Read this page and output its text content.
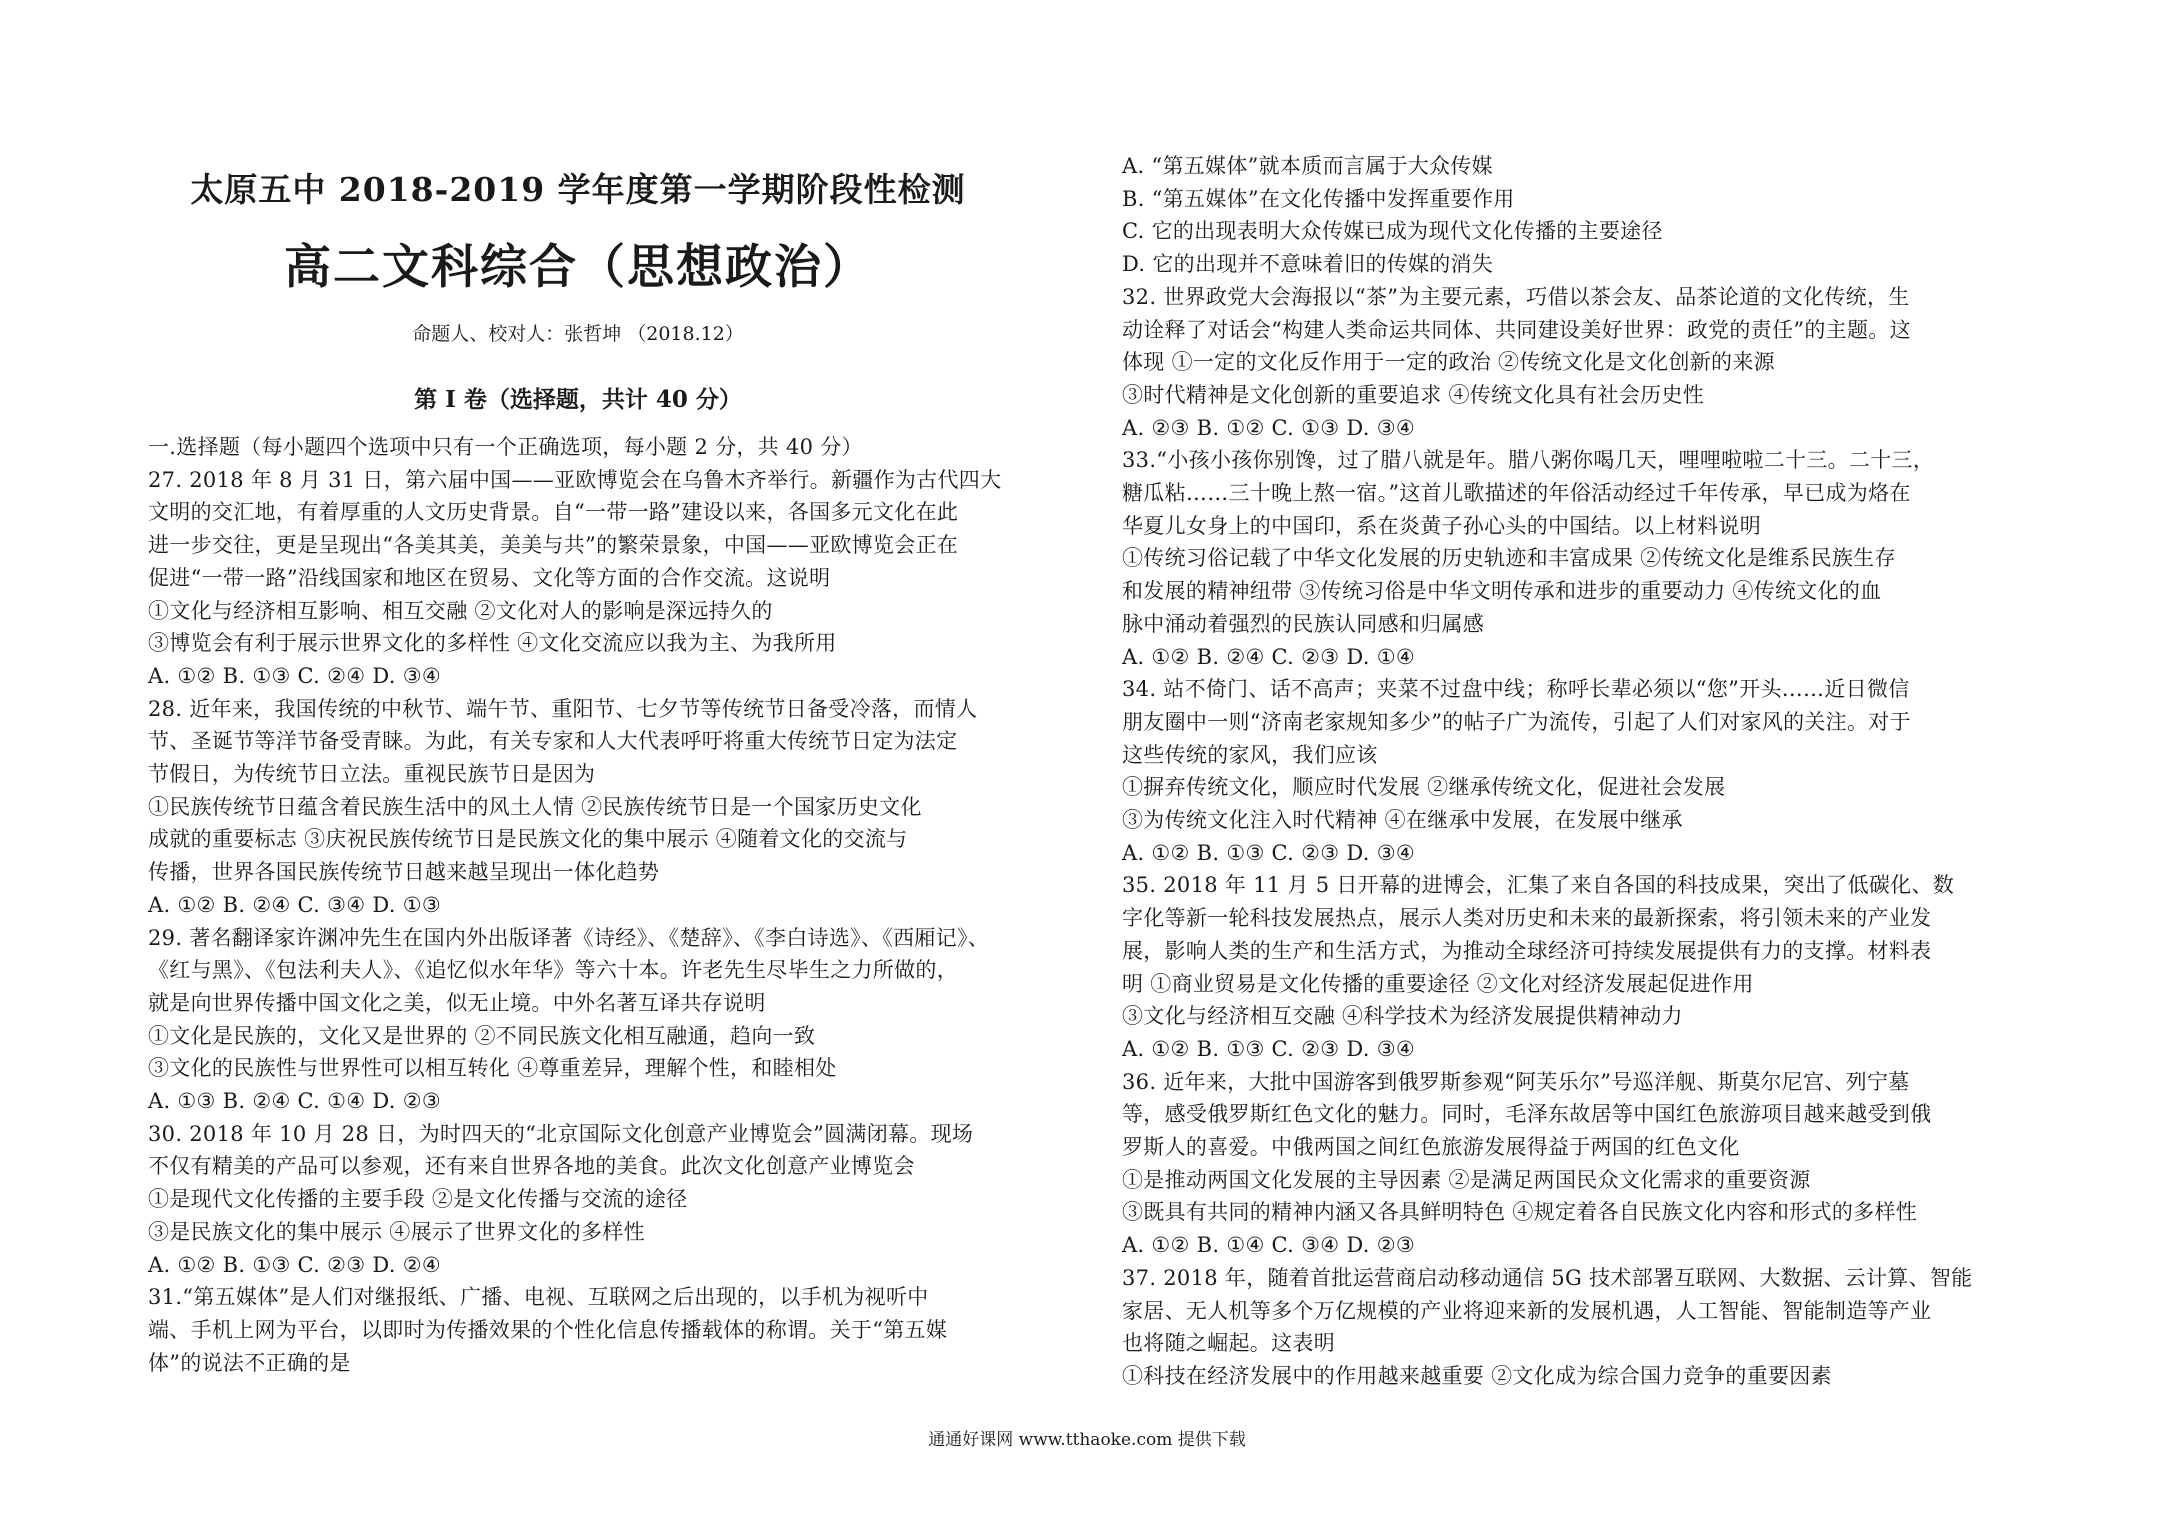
太原五中 2018-2019 学年度第一学期阶段性检测
高二文科综合（思想政治）
命题人、校对人：张哲坤 （2018.12）
第 I 卷（选择题，共计 40 分）
一.选择题（每小题四个选项中只有一个正确选项，每小题 2 分，共 40 分）
27. 2018 年 8 月 31 日，第六届中国——亚欧博览会在乌鲁木齐举行。新疆作为古代四大
文明的交汇地，有着厚重的人文历史背景。自“一带一路”建设以来，各国多元文化在此
进一步交往，更是呈现出“各美其美，美美与共”的繁荣景象，中国——亚欧博览会正在
促进“一带一路”沿线国家和地区在贸易、文化等方面的合作交流。这说明
①文化与经济相互影响、相互交融 ②文化对人的影响是深远持久的
③博览会有利于展示世界文化的多样性 ④文化交流应以我为主、为我所用
A. ①② B. ①③ C. ②④ D. ③④
28. 近年来，我国传统的中秋节、端午节、重阳节、七夕节等传统节日备受冷落，而情人
节、圣诞节等洋节备受青睐。为此，有关专家和人大代表呼吁将重大传统节日定为法定
节假日，为传统节日立法。重视民族节日是因为
①民族传统节日蕴含着民族生活中的风土人情 ②民族传统节日是一个国家历史文化
成就的重要标志 ③庆祝民族传统节日是民族文化的集中展示 ④随着文化的交流与
传播，世界各国民族传统节日越来越呈现出一体化趋势
A. ①② B. ②④ C. ③④ D. ①③
29. 著名翻译家许渊冲先生在国内外出版译著《诗经》、《楚辞》、《李白诗选》、《西厢记》、
《红与黑》、《包法利夫人》、《追忆似水年华》等六十本。许老先生尽毕生之力所做的，
就是向世界传播中国文化之美，似无止境。中外名著互译共存说明
①文化是民族的，文化又是世界的 ②不同民族文化相互融通，趋向一致
③文化的民族性与世界性可以相互转化 ④尊重差异，理解个性，和睦相处
A. ①③ B. ②④ C. ①④ D. ②③
30. 2018 年 10 月 28 日，为时四天的“北京国际文化创意产业博览会”圆满闭幕。现场
不仅有精美的产品可以参观，还有来自世界各地的美食。此次文化创意产业博览会
①是现代文化传播的主要手段 ②是文化传播与交流的途径
③是民族文化的集中展示 ④展示了世界文化的多样性
A. ①② B. ①③ C. ②③ D. ②④
31.“第五媒体”是人们对继报纸、广播、电视、互联网之后出现的，以手机为视听中
端、手机上网为平台，以即时为传播效果的个性化信息传播载体的称谓。关于“第五媒
体”的说法不正确的是
A. “第五媒体”就本质而言属于大众传媒
B. “第五媒体”在文化传播中发挥重要作用
C. 它的出现表明大众传媒已成为现代文化传播的主要途径
D. 它的出现并不意味着旧的传媒的消失
32. 世界政党大会海报以“茶”为主要元素，巧借以茶会友、品茶论道的文化传统，生
动诠释了对话会“构建人类命运共同体、共同建设美好世界：政党的责任”的主题。这
体现 ①一定的文化反作用于一定的政治 ②传统文化是文化创新的来源
③时代精神是文化创新的重要追求 ④传统文化具有社会历史性
A. ②③ B. ①② C. ①③ D. ③④
33.“小孩小孩你别馋，过了腊八就是年。腊八粥你喝几天，哩哩啦啦二十三。二十三，
糖瓜粘……三十晚上熬一宿。”这首儿歌描述的年俗活动经过千年传承，早已成为烙在
华夏儿女身上的中国印，系在炎黄子孙心头的中国结。以上材料说明
①传统习俗记载了中华文化发展的历史轨迹和丰富成果 ②传统文化是维系民族生存
和发展的精神纽带 ③传统习俗是中华文明传承和进步的重要动力 ④传统文化的血
脉中涌动着强烈的民族认同感和归属感
A. ①② B. ②④ C. ②③ D. ①④
34. 站不倚门、话不高声；夹菜不过盘中线；称呼长辈必须以“您”开头……近日微信
朋友圈中一则“济南老家规知多少”的帖子广为流传，引起了人们对家风的关注。对于
这些传统的家风，我们应该
①摒弃传统文化，顺应时代发展 ②继承传统文化，促进社会发展
③为传统文化注入时代精神 ④在继承中发展，在发展中继承
A. ①② B. ①③ C. ②③ D. ③④
35. 2018 年 11 月 5 日开幕的进博会，汇集了来自各国的科技成果，突出了低碳化、数
字化等新一轮科技发展热点，展示人类对历史和未来的最新探索，将引领未来的产业发
展，影响人类的生产和生活方式，为推动全球经济可持续发展提供有力的支撑。材料表
明 ①商业贸易是文化传播的重要途径 ②文化对经济发展起促进作用
③文化与经济相互交融 ④科学技术为经济发展提供精神动力
A. ①② B. ①③ C. ②③ D. ③④
36. 近年来，大批中国游客到俄罗斯参观“阿芙乐尔”号巡洋舰、斯莫尔尼宫、列宁墓
等，感受俄罗斯红色文化的魅力。同时，毛泽东故居等中国红色旅游项目越来越受到俄
罗斯人的喜爱。中俄两国之间红色旅游发展得益于两国的红色文化
①是推动两国文化发展的主导因素 ②是满足两国民众文化需求的重要资源
③既具有共同的精神内涵又各具鲜明特色 ④规定着各自民族文化内容和形式的多样性
A. ①② B. ①④ C. ③④ D. ②③
37. 2018 年，随着首批运营商启动移动通信 5G 技术部署互联网、大数据、云计算、智能
家居、无人机等多个万亿规模的产业将迎来新的发展机遇，人工智能、智能制造等产业
也将随之崛起。这表明
①科技在经济发展中的作用越来越重要 ②文化成为综合国力竞争的重要因素
通通好课网 www.tthaoke.com 提供下载
